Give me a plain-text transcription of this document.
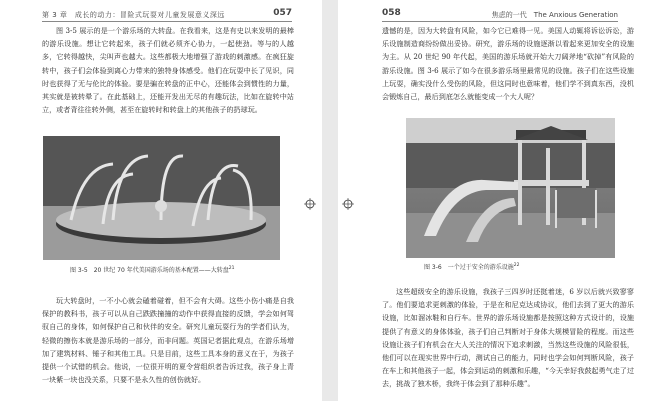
第 3 章　成长的动力：冒险式玩耍对儿童发展意义深远	057
图 3-5 展示的是一个游乐场的大转盘。在我看来，这是有史以来发明的最棒的游乐设施。想让它转起来，孩子们就必须齐心协力，一起使劲。等与的人越多，它转得越快，尖叫声也越大。这些都极大地增强了游戏的刺激感。在疯狂旋转中，孩子们会体验到离心力带来的独特身体感受。他们在玩耍中长了见识，同时也获得了无与伦比的体验。要是骗在转盘的正中心，还能体会到惯性的力量，其实就是被转晕了。在此基础上，还能开发出无尽的有趣玩法，比如在旋转中站立，或者背往往转外侧，甚至在旋转时和转盘上的其他孩子的扔球玩。
图 3-5　20 世纪 70 年代美国游乐场的基本配置——大转盘$^{21}$
玩大转盘时，一不小心就会磕着碰着，但不会有大碍。这些小伤小痛是自我保护的教科书，孩子可以从自己跌跌撞撞的动作中获得直接的反馈，学会如何驾驭自己的身体，如何保护自己和伙伴的安全。研究儿童玩耍行为的学者们认为，轻微的擦伤本就是游乐场的一部分，而非问题。英国记者据此观点，在游乐场增加了建筑材料、锤子和其他工具。只是目前，这些工具本身的意义在于，为孩子提供一个试错的机会。他说，一位很开明的夏令营组织者告诉过我，孩子身上青一块紫一块也没关系，只要不是永久性的创伤就好。
058	焦虑的一代　The Anxious Generation
遗憾的是，因为大转盘有风险，如今它已难得一见。美国人动辄将诉讼诉讼，游乐设施制造商纷纷做出妥协。研究，游乐场的设施逐渐以看起来更加安全的设施为主。从 20 世纪 90 年代起，美国的游乐场就开始大刀阔斧地“砍掉”有风险的游乐设施。图 3-6 展示了如今在很多游乐场里最常见的设施。孩子们在这些设施上玩耍，确实没什么受伤的风险，但这同时也意味着，他们学不到真东西，没机会锻炼自己，最后到底怎么就能变成一个大人呢？
图 3-6　一个过于安全的游乐设施$^{22}$
这些超级安全的游乐设施，我孩子三四岁时还挺着迷，6 岁以后就兴致寥寥了。他们要追求更刺激的体验，于是在和尼克达成协议，他们去到了更大的游乐设施，比如溜冰鞋和自行车。世界的游乐场设施都是按照这种方式设计的，设施提供了有意义的身体体验，孩子们自己判断对于身体大规模冒险的程度。而这些设施让孩子们有机会在大人关注的情况下追求刺激，当然这些设施的风险很低，他们可以在现实世界中行动，测试自己的能力，同时也学会如何判断风险，孩子在车上和其他孩子一起，体会到运动的刺激和乐趣，“今天幸好我鼓起勇气走了过去，挑战了独木桥，我终于体会到了那种乐趣”。
